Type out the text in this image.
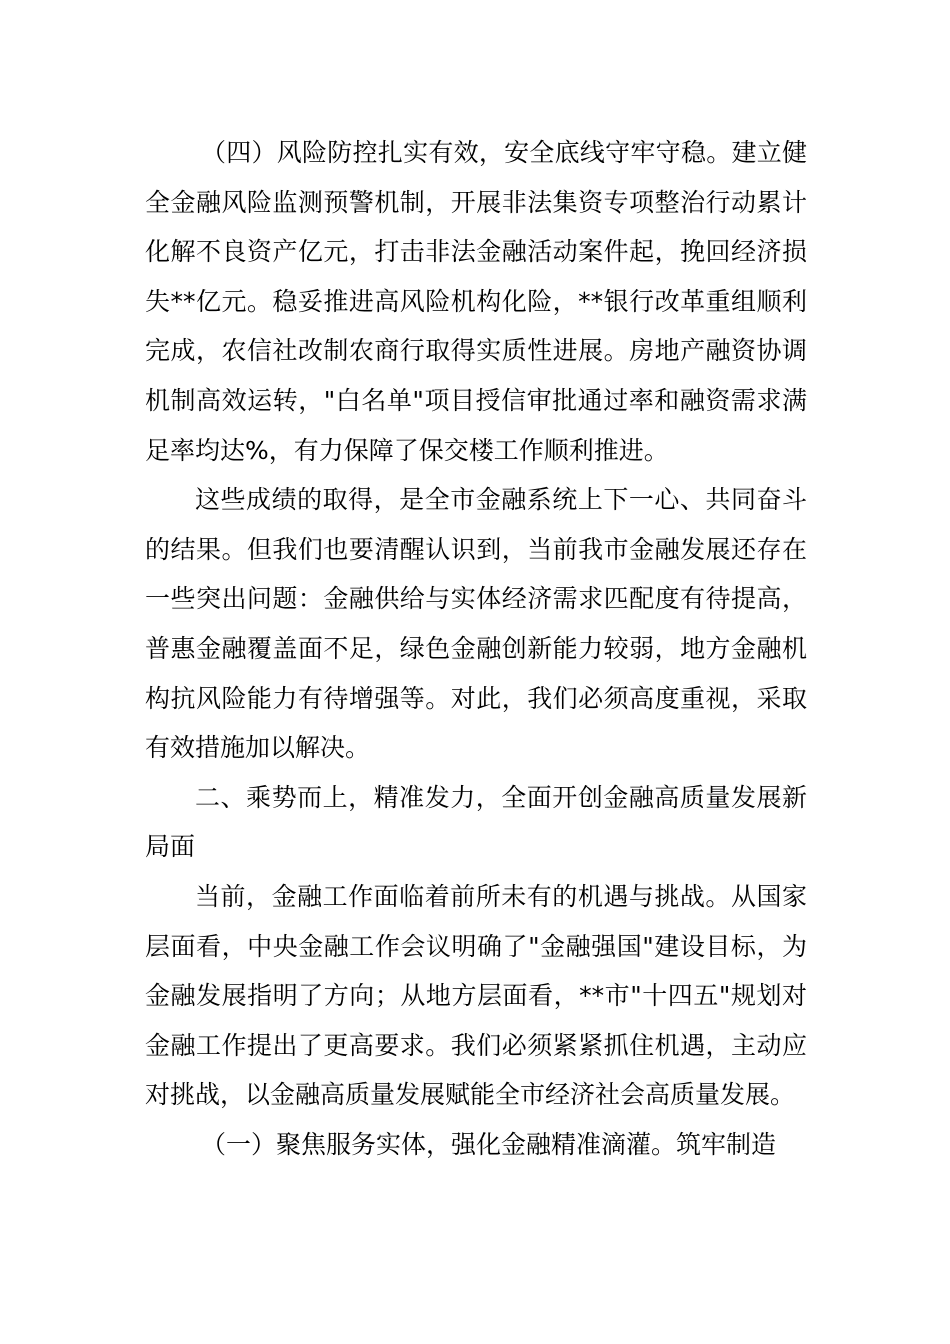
（四）风险防控扎实有效，安全底线守牢守稳。建立健全金融风险监测预警机制，开展非法集资专项整治行动累计化解不良资产亿元，打击非法金融活动案件起，挽回经济损失**亿元。稳妥推进高风险机构化险，**银行改革重组顺利完成，农信社改制农商行取得实质性进展。房地产融资协调机制高效运转，"白名单"项目授信审批通过率和融资需求满足率均达%，有力保障了保交楼工作顺利推进。

这些成绩的取得，是全市金融系统上下一心、共同奋斗的结果。但我们也要清醒认识到，当前我市金融发展还存在一些突出问题：金融供给与实体经济需求匹配度有待提高，普惠金融覆盖面不足，绿色金融创新能力较弱，地方金融机构抗风险能力有待增强等。对此，我们必须高度重视，采取有效措施加以解决。

二、乘势而上，精准发力，全面开创金融高质量发展新局面

当前，金融工作面临着前所未有的机遇与挑战。从国家层面看，中央金融工作会议明确了"金融强国"建设目标，为金融发展指明了方向；从地方层面看，**市"十四五"规划对金融工作提出了更高要求。我们必须紧紧抓住机遇，主动应对挑战，以金融高质量发展赋能全市经济社会高质量发展。

（一）聚焦服务实体，强化金融精准滴灌。筑牢制造
